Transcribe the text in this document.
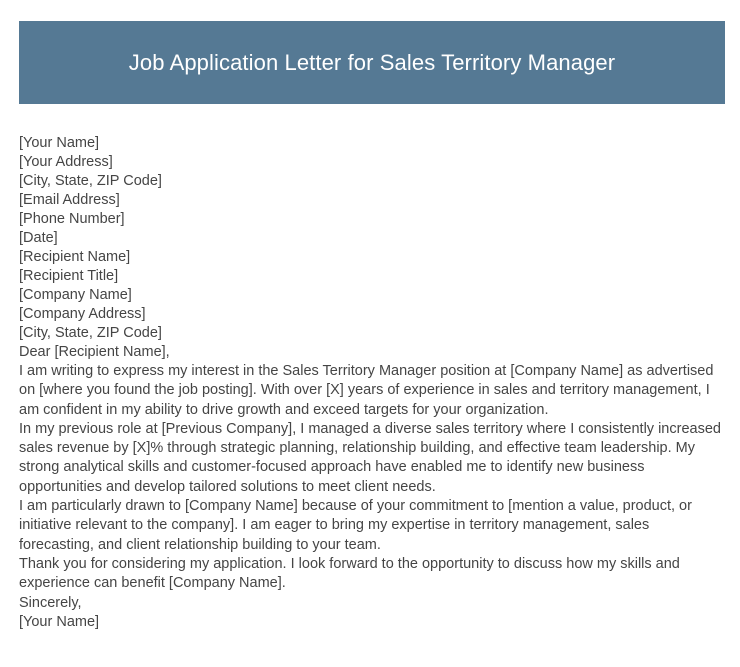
Job Application Letter for Sales Territory Manager
[Your Name]
[Your Address]
[City, State, ZIP Code]
[Email Address]
[Phone Number]
[Date]
[Recipient Name]
[Recipient Title]
[Company Name]
[Company Address]
[City, State, ZIP Code]
Dear [Recipient Name],

I am writing to express my interest in the Sales Territory Manager position at [Company Name] as advertised on [where you found the job posting]. With over [X] years of experience in sales and territory management, I am confident in my ability to drive growth and exceed targets for your organization.

In my previous role at [Previous Company], I managed a diverse sales territory where I consistently increased sales revenue by [X]% through strategic planning, relationship building, and effective team leadership. My strong analytical skills and customer-focused approach have enabled me to identify new business opportunities and develop tailored solutions to meet client needs.

I am particularly drawn to [Company Name] because of your commitment to [mention a value, product, or initiative relevant to the company]. I am eager to bring my expertise in territory management, sales forecasting, and client relationship building to your team.

Thank you for considering my application. I look forward to the opportunity to discuss how my skills and experience can benefit [Company Name].

Sincerely,
[Your Name]
